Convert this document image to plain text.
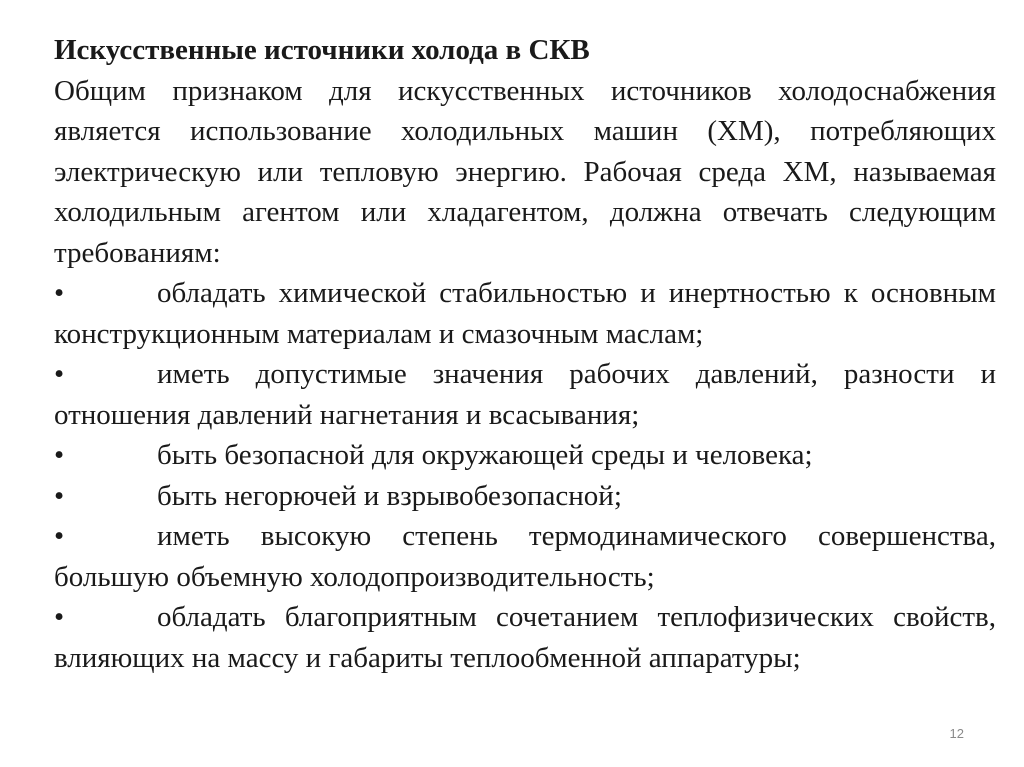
Искусственные источники холода в СКВ

Общим признаком для искусственных источников холодоснабжения является использование холодильных машин (ХМ), потребляющих электрическую или тепловую энергию. Рабочая среда ХМ, называемая холодильным агентом или хладагентом, должна отвечать следующим требованиям:

•	обладать химической стабильностью и инертностью к основным конструкционным материалам и смазочным маслам;

•	иметь допустимые значения рабочих давлений, разности и отношения давлений нагнетания и всасывания;

•	быть безопасной для окружающей среды и человека;

•	быть негорючей и взрывобезопасной;

•	иметь высокую степень термодинамического совершенства, большую объемную холодопроизводительность;

•	обладать благоприятным сочетанием теплофизических свойств, влияющих на массу и габариты теплообменной аппаратуры;

12
